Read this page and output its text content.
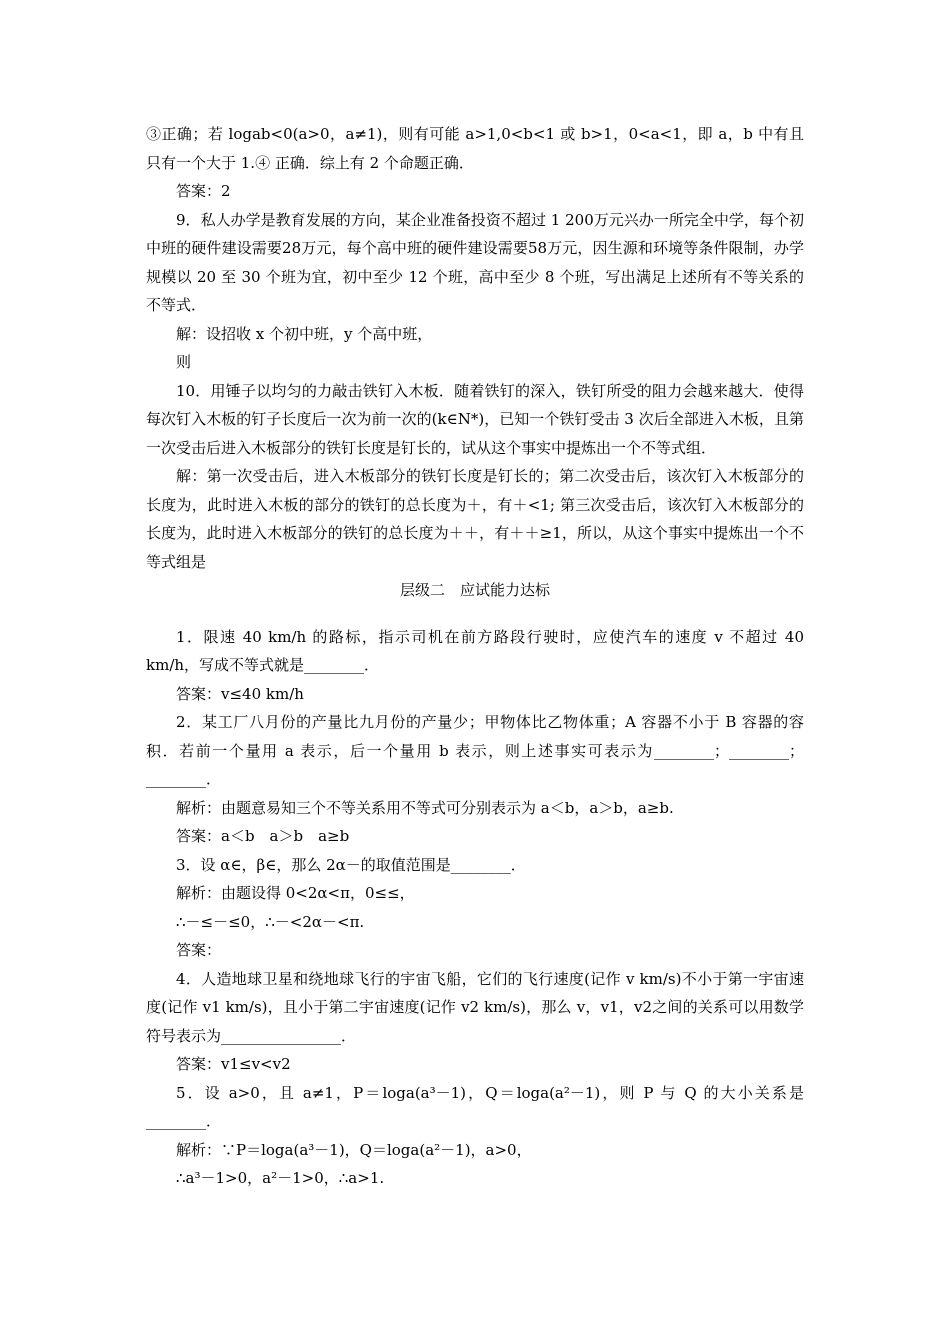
③正确；若 logab<0(a>0，a≠1)，则有可能 a>1,0<b<1 或 b>1，0<a<1，即 a，b 中有且只有一个大于 1.④ 正确．综上有 2 个命题正确．

答案：2

9．私人办学是教育发展的方向，某企业准备投资不超过 1 200万元兴办一所完全中学，每个初中班的硬件建设需要28万元，每个高中班的硬件建设需要58万元，因生源和环境等条件限制，办学规模以 20 至 30 个班为宜，初中至少 12 个班，高中至少 8 个班，写出满足上述所有不等关系的不等式．

解：设招收 x 个初中班，y 个高中班，

则

10．用锤子以均匀的力敲击铁钉入木板．随着铁钉的深入，铁钉所受的阻力会越来越大．使得每次钉入木板的钉子长度后一次为前一次的(k∈N*)，已知一个铁钉受击 3 次后全部进入木板，且第一次受击后进入木板部分的铁钉长度是钉长的，试从这个事实中提炼出一个不等式组．

解：第一次受击后，进入木板部分的铁钉长度是钉长的；第二次受击后，该次钉入木板部分的长度为，此时进入木板的部分的铁钉的总长度为＋，有＋<1; 第三次受击后，该次钉入木板部分的长度为，此时进入木板部分的铁钉的总长度为＋＋，有＋＋≥1，所以，从这个事实中提炼出一个不等式组是

层级二　应试能力达标

1．限速 40 km/h 的路标，指示司机在前方路段行驶时，应使汽车的速度 v 不超过 40 km/h，写成不等式就是________．

答案：v≤40 km/h

2．某工厂八月份的产量比九月份的产量少；甲物体比乙物体重；A 容器不小于 B 容器的容积．若前一个量用 a 表示，后一个量用 b 表示，则上述事实可表示为________；________；________．

解析：由题意易知三个不等关系用不等式可分别表示为 a＜b，a＞b，a≥b.

答案：a＜b　a＞b　a≥b

3．设 α∈，β∈，那么 2α－的取值范围是________．

解析：由题设得 0<2α<π，0≤≤，

∴－≤－≤0，∴－<2α－<π.

答案：

4．人造地球卫星和绕地球飞行的宇宙飞船，它们的飞行速度(记作 v km/s)不小于第一宇宙速度(记作 v1 km/s)，且小于第二宇宙速度(记作 v2 km/s)，那么 v，v1，v2之间的关系可以用数学符号表示为________________．

答案：v1≤v<v2

5．设 a>0，且 a≠1，P＝loga(a³－1)，Q＝loga(a²－1)，则 P 与 Q 的大小关系是________．

解析：∵P＝loga(a³－1)，Q＝loga(a²－1)，a>0，

∴a³－1>0，a²－1>0，∴a>1.
